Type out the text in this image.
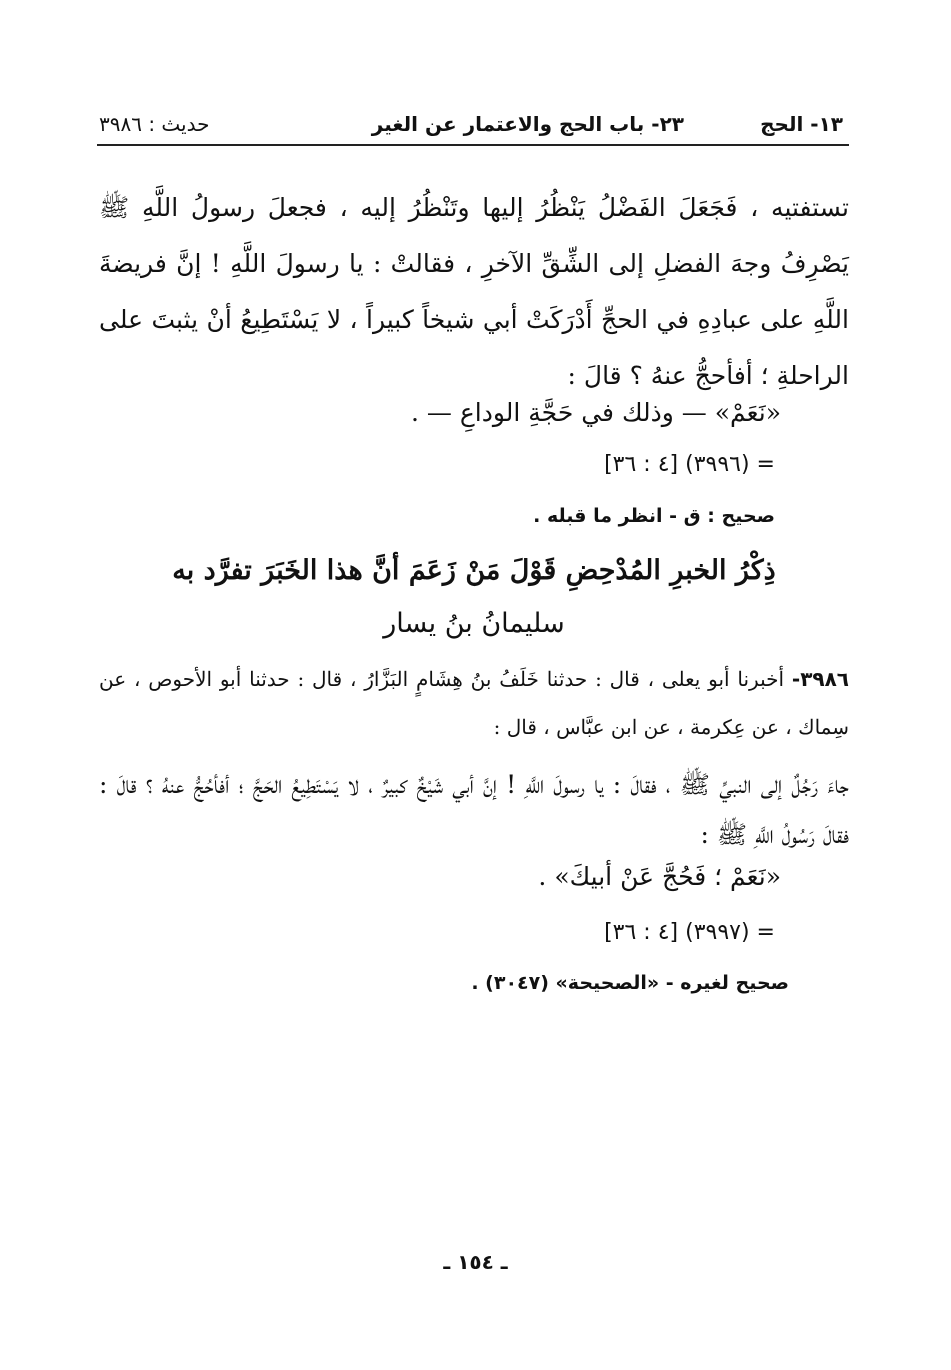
١٣- الحج
٢٣- باب الحج والاعتمار عن الغير
حديث : ٣٩٨٦
تستفتيه ، فَجَعَلَ الفَضْلُ يَنْظُرُ إليها وتَنْظُرُ إليه ، فجعلَ رسولُ اللَّهِ ﷺ يَصْرِفُ وجهَ الفضلِ إلى الشِّقِّ الآخرِ ، فقالتْ : يا رسولَ اللَّهِ ! إنَّ فريضةَ اللَّهِ على عبادِهِ في الحجِّ أَدْرَكَتْ أبي شيخاً كبيراً ، لا يَسْتَطِيعُ أنْ يثبتَ على الراحلةِ ؛ أفأحجُّ عنهُ ؟ قالَ :
«نَعَمْ» — وذلك في حَجَّةِ الوداعِ — .
= (٣٩٩٦) [٤ : ٣٦]
صحيح : ق - انظر ما قبله .
ذِكْرُ الخبرِ المُدْحِضِ قَوْلَ مَنْ زَعَمَ أنَّ هذا الخَبَرَ تفرَّد به
سليمانُ بنُ يسار
٣٩٨٦- أخبرنا أبو يعلى ، قال : حدثنا خَلَفُ بنُ هِشَامٍ البَزَّارُ ، قال : حدثنا أبو الأحوص ، عن سِماك ، عن عِكرمة ، عن ابن عبَّاس ، قال :
جاءَ رَجُلٌ إلى النبيِّ ﷺ ، فقالَ : يا رسولَ اللَّهِ ! إنَّ أبي شَيْخٌ كبيرٌ ، لا يَسْتَطِيعُ الحَجَّ ؛ أفأحُجُّ عنهُ ؟ قالَ : فقالَ رَسُولُ اللَّهِ ﷺ :
«نَعَمْ ؛ فَحُجَّ عَنْ أبيكَ» .
= (٣٩٩٧) [٤ : ٣٦]
صحيح لغيره - «الصحيحة» (٣٠٤٧) .
ـ ١٥٤ ـ
